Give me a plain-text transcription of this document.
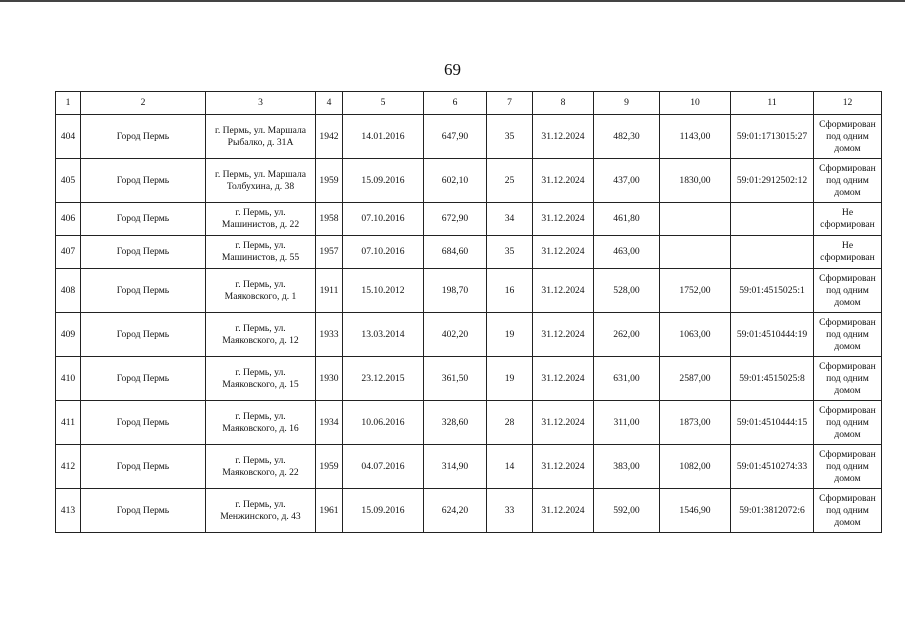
69
1	2	3	4	5	6	7	8	9	10	11	12
404	Город Пермь	г. Пермь, ул. Маршала Рыбалко, д. 31А	1942	14.01.2016	647,90	35	31.12.2024	482,30	1143,00	59:01:1713015:27	Сформирован под одним домом
405	Город Пермь	г. Пермь, ул. Маршала Толбухина, д. 38	1959	15.09.2016	602,10	25	31.12.2024	437,00	1830,00	59:01:2912502:12	Сформирован под одним домом
406	Город Пермь	г. Пермь, ул. Машинистов, д. 22	1958	07.10.2016	672,90	34	31.12.2024	461,80			Не сформирован
407	Город Пермь	г. Пермь, ул. Машинистов, д. 55	1957	07.10.2016	684,60	35	31.12.2024	463,00			Не сформирован
408	Город Пермь	г. Пермь, ул. Маяковского, д. 1	1911	15.10.2012	198,70	16	31.12.2024	528,00	1752,00	59:01:4515025:1	Сформирован под одним домом
409	Город Пермь	г. Пермь, ул. Маяковского, д. 12	1933	13.03.2014	402,20	19	31.12.2024	262,00	1063,00	59:01:4510444:19	Сформирован под одним домом
410	Город Пермь	г. Пермь, ул. Маяковского, д. 15	1930	23.12.2015	361,50	19	31.12.2024	631,00	2587,00	59:01:4515025:8	Сформирован под одним домом
411	Город Пермь	г. Пермь, ул. Маяковского, д. 16	1934	10.06.2016	328,60	28	31.12.2024	311,00	1873,00	59:01:4510444:15	Сформирован под одним домом
412	Город Пермь	г. Пермь, ул. Маяковского, д. 22	1959	04.07.2016	314,90	14	31.12.2024	383,00	1082,00	59:01:4510274:33	Сформирован под одним домом
413	Город Пермь	г. Пермь, ул. Менжинского, д. 43	1961	15.09.2016	624,20	33	31.12.2024	592,00	1546,90	59:01:3812072:6	Сформирован под одним домом
